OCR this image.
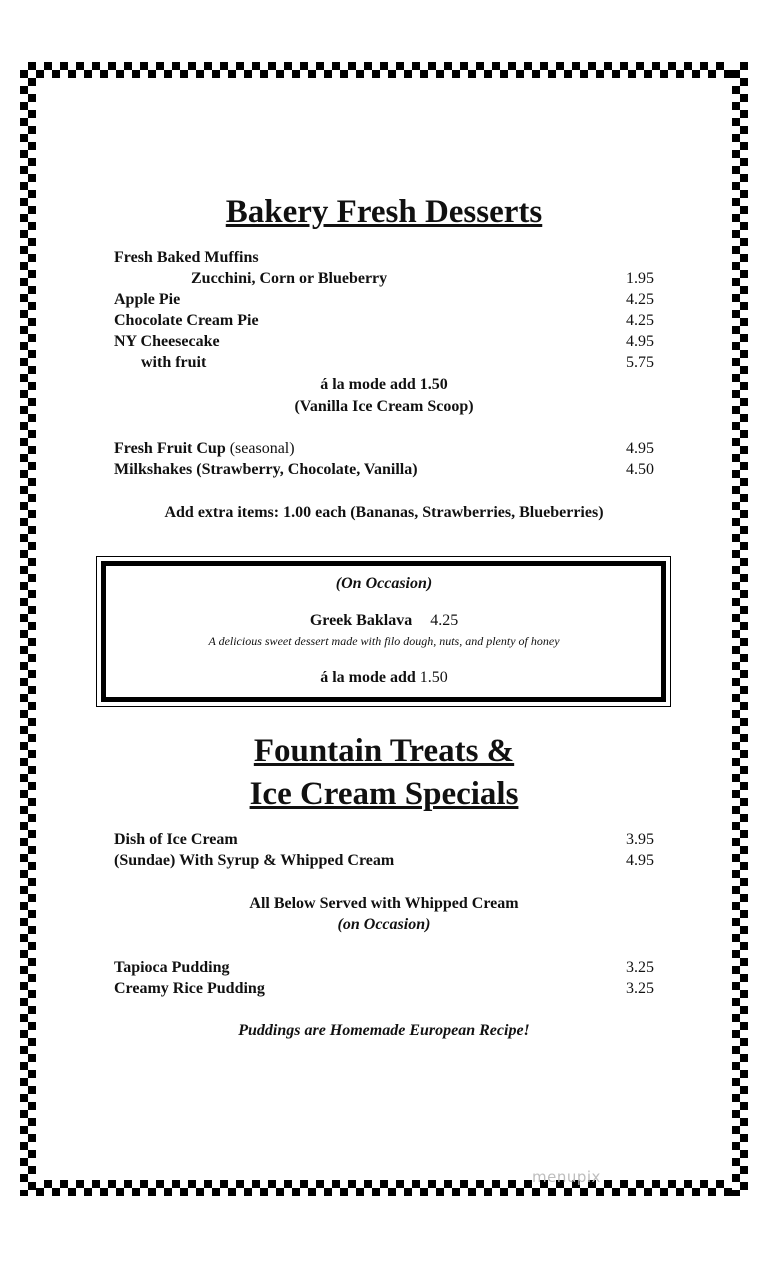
Bakery Fresh Desserts
Fresh Baked Muffins
Zucchini, Corn or Blueberry	1.95
Apple Pie	4.25
Chocolate Cream Pie	4.25
NY Cheesecake	4.95
with fruit	5.75
á la mode add 1.50
(Vanilla Ice Cream Scoop)
Fresh Fruit Cup (seasonal)	4.95
Milkshakes (Strawberry, Chocolate, Vanilla)	4.50
Add extra items: 1.00 each (Bananas, Strawberries, Blueberries)
(On Occasion)
Greek Baklava 4.25
A delicious sweet dessert made with filo dough, nuts, and plenty of honey
á la mode add 1.50
Fountain Treats &
Ice Cream Specials
Dish of Ice Cream	3.95
(Sundae) With Syrup & Whipped Cream	4.95
All Below Served with Whipped Cream
(on Occasion)
Tapioca Pudding	3.25
Creamy Rice Pudding	3.25
Puddings are Homemade European Recipe!
menupix
